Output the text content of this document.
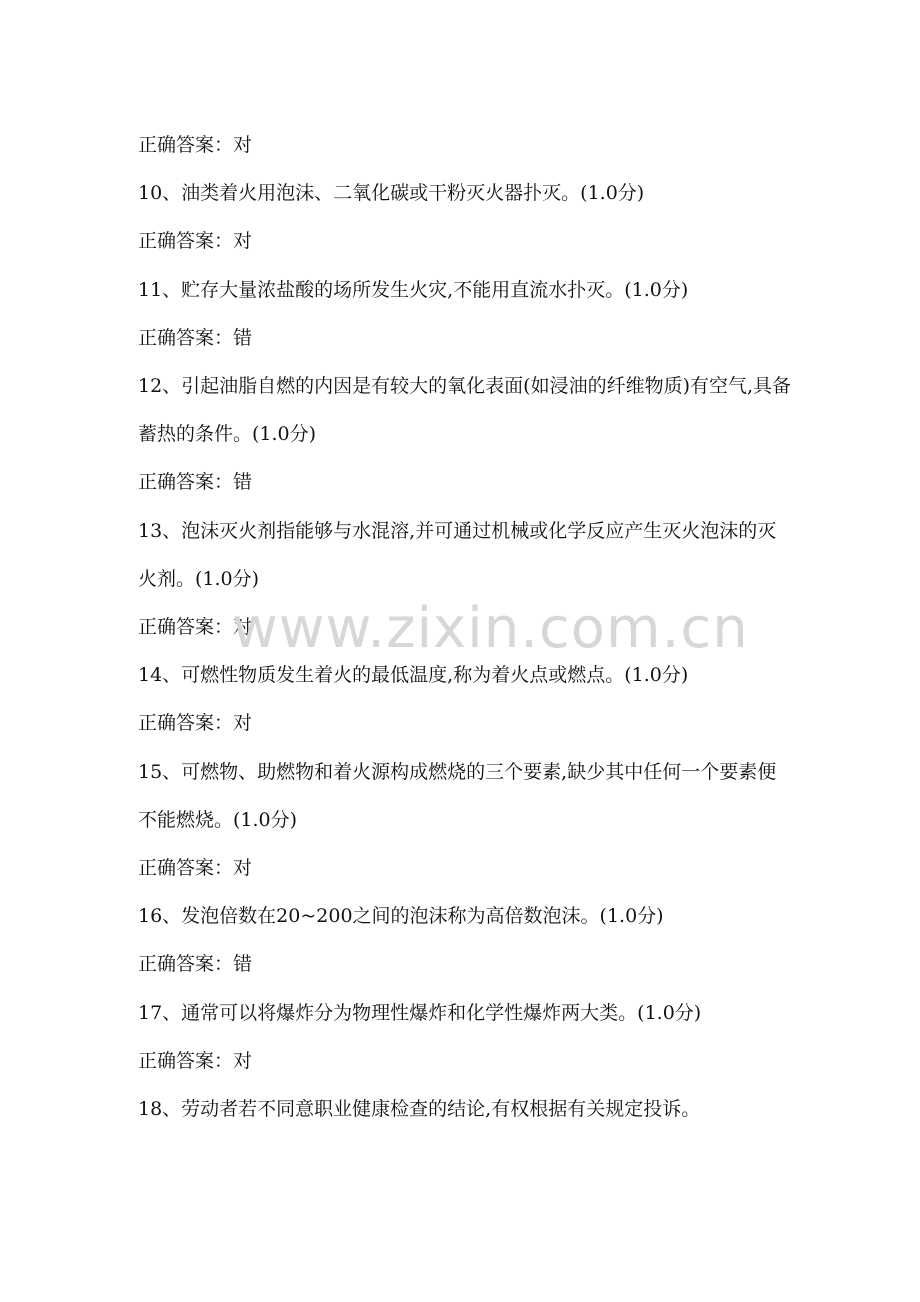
正确答案：对

10、油类着火用泡沫、二氧化碳或干粉灭火器扑灭。(1.0分)

正确答案：对

11、贮存大量浓盐酸的场所发生火灾,不能用直流水扑灭。(1.0分)

正确答案：错

12、引起油脂自燃的内因是有较大的氧化表面(如浸油的纤维物质)有空气,具备蓄热的条件。(1.0分)

正确答案：错

13、泡沫灭火剂指能够与水混溶,并可通过机械或化学反应产生灭火泡沫的灭火剂。(1.0分)

正确答案：对

14、可燃性物质发生着火的最低温度,称为着火点或燃点。(1.0分)

正确答案：对

15、可燃物、助燃物和着火源构成燃烧的三个要素,缺少其中任何一个要素便不能燃烧。(1.0分)

正确答案：对

16、发泡倍数在20~200之间的泡沫称为高倍数泡沫。(1.0分)

正确答案：错

17、通常可以将爆炸分为物理性爆炸和化学性爆炸两大类。(1.0分)

正确答案：对

18、劳动者若不同意职业健康检查的结论,有权根据有关规定投诉。

www.zixin.com.cn
